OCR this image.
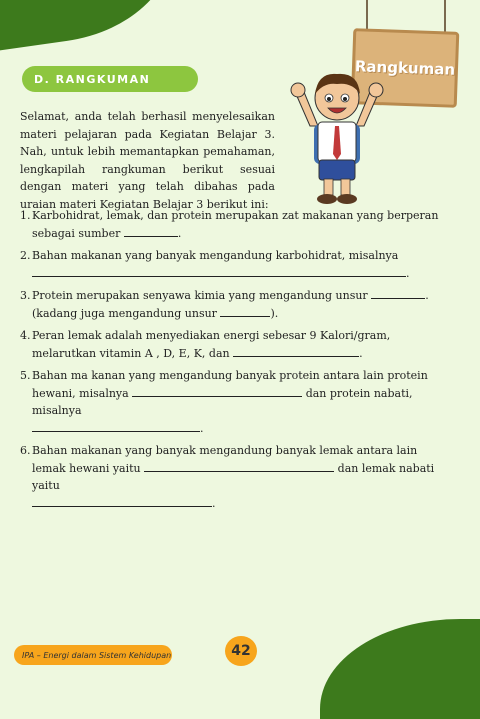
D. RANGKUMAN
Rangkuman

Selamat, anda telah berhasil menyelesaikan materi pelajaran pada Kegiatan Belajar 3. Nah, untuk lebih memantapkan pemahaman, lengkapilah rangkuman berikut sesuai dengan materi yang telah dibahas pada uraian materi Kegiatan Belajar 3 berikut ini:

1. Karbohidrat, lemak, dan protein merupakan zat makanan yang berperan sebagai sumber	.
2. Bahan makanan yang banyak mengandung karbohidrat, misalnya
.
3. Protein merupakan senyawa kimia yang mengandung unsur	.
(kadang juga mengandung unsur	).
4. Peran lemak adalah menyediakan energi sebesar 9 Kalori/gram, melarutkan vitamin A , D, E, K, dan	.
5. Bahan ma kanan yang mengandung banyak protein antara lain protein hewani, misalnya	dan protein nabati, misalnya
.
6. Bahan makanan yang banyak mengandung banyak lemak antara lain lemak hewani yaitu	dan lemak nabati yaitu
.
IPA – Energi dalam Sistem Kehidupan	42
